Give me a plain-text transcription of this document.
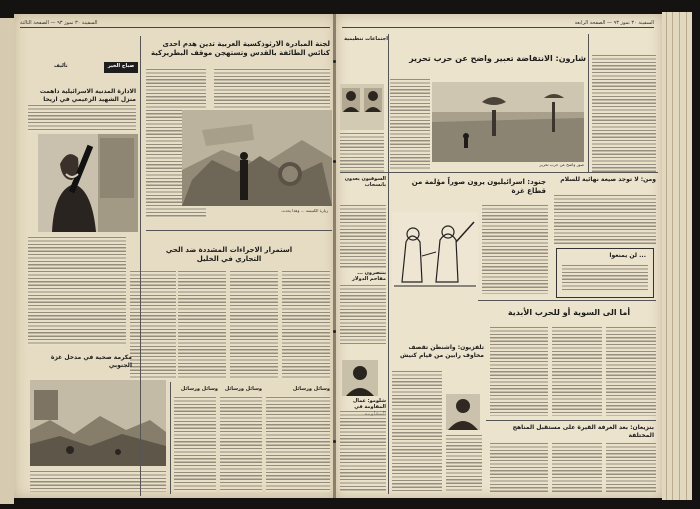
السفينة ٣٠ تموز ٩٣ — الصفحة الثالثة
صباح الخير
تأليف
الادارة المدنية الاسرائيلية داهمت منزل الشهيد الزعيمي في اريحا
لجنة المبادرة الارثوذكسية العربية تدين هدم احدى كنائس الطائفة بالقدس وتستهجن موقف البطريركية
زيارة الكنيسة ... وهذا يحدث
استمرار الاجراءات المشددة ضد الحي التجاري في الخليل
مكرمة صحية في مدخل غزة الجنوبي
وسائل ورسائل
وسائل ورسائل
وسائل ورسائل
السفينة ٣٠ تموز ٩٣ — الصفحة الرابعة
اجتماعات تنظيمية
شارون: الانتفاضة تعبير واضح عن حرب تحرير
صور واضح عن حرب تحرير
السوقيون يعدون بانسحاب	جنود: اسرائيليون يرون صوراً مؤلمة من قطاع غزة
ومن: لا توجد صيغة نهائية للسلام
... لن يمنعوا
أما الى السوية أو للحرب الأبدية
ينتصرون ... مفاحم الدولار
شلومو: عمال المقاومة في
تلفزيون: واشنطن تقصف مخاوف رابين من قيام كنيش
بنزيغان: بعد الغرفة القيرة على مستقبل المناهج المختلفة
